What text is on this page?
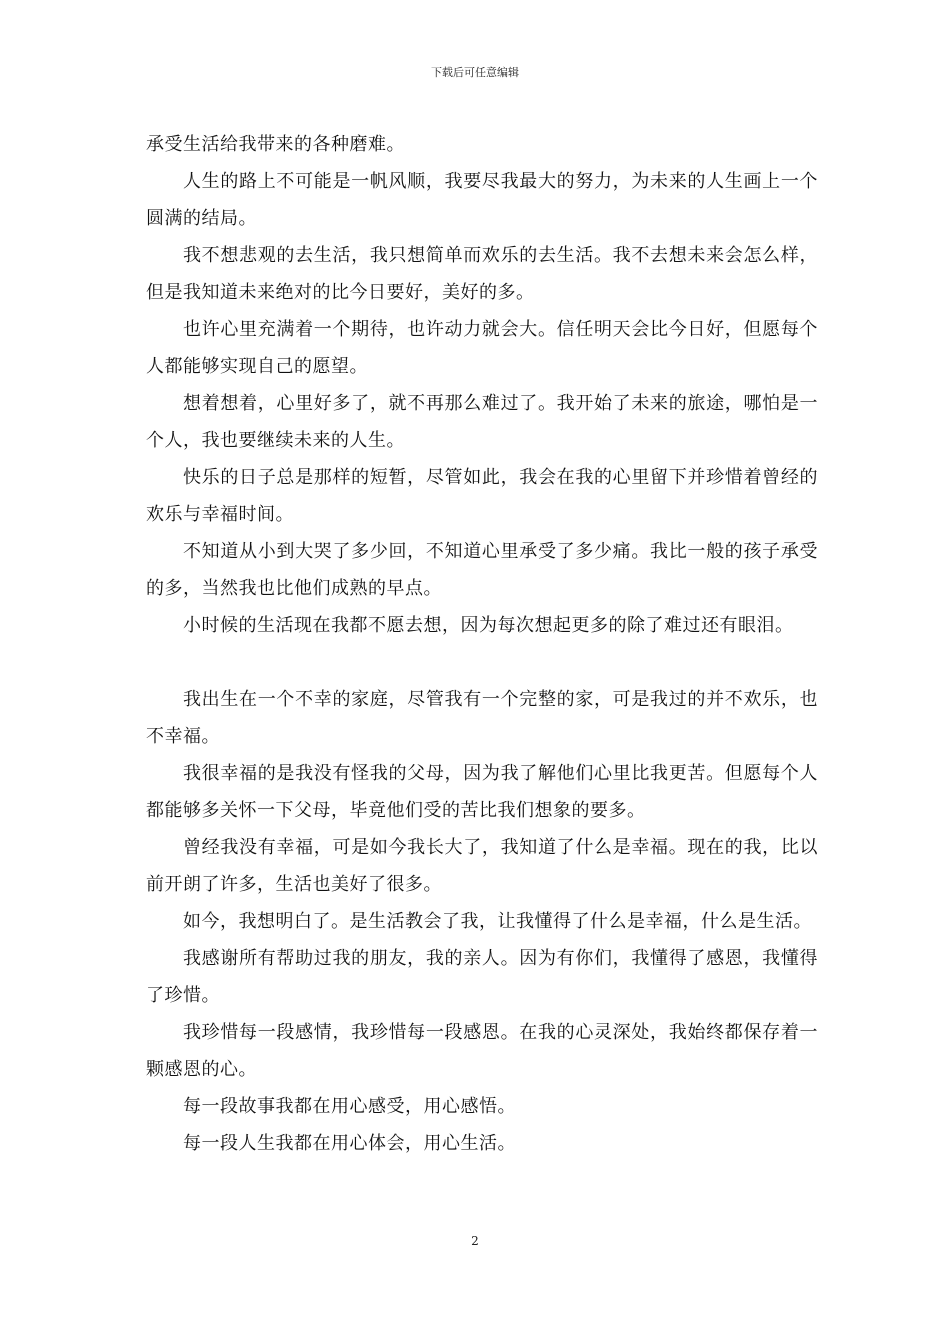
下载后可任意编辑

承受生活给我带来的各种磨难。

人生的路上不可能是一帆风顺，我要尽我最大的努力，为未来的人生画上一个圆满的结局。

我不想悲观的去生活，我只想简单而欢乐的去生活。我不去想未来会怎么样，但是我知道未来绝对的比今日要好，美好的多。

也许心里充满着一个期待，也许动力就会大。信任明天会比今日好，但愿每个人都能够实现自己的愿望。

想着想着，心里好多了，就不再那么难过了。我开始了未来的旅途，哪怕是一个人，我也要继续未来的人生。

快乐的日子总是那样的短暂，尽管如此，我会在我的心里留下并珍惜着曾经的欢乐与幸福时间。

不知道从小到大哭了多少回，不知道心里承受了多少痛。我比一般的孩子承受的多，当然我也比他们成熟的早点。

小时候的生活现在我都不愿去想，因为每次想起更多的除了难过还有眼泪。

我出生在一个不幸的家庭，尽管我有一个完整的家，可是我过的并不欢乐，也不幸福。

我很幸福的是我没有怪我的父母，因为我了解他们心里比我更苦。但愿每个人都能够多关怀一下父母，毕竟他们受的苦比我们想象的要多。

曾经我没有幸福，可是如今我长大了，我知道了什么是幸福。现在的我，比以前开朗了许多，生活也美好了很多。

如今，我想明白了。是生活教会了我，让我懂得了什么是幸福，什么是生活。

我感谢所有帮助过我的朋友，我的亲人。因为有你们，我懂得了感恩，我懂得了珍惜。

我珍惜每一段感情，我珍惜每一段感恩。在我的心灵深处，我始终都保存着一颗感恩的心。

每一段故事我都在用心感受，用心感悟。

每一段人生我都在用心体会，用心生活。

2
